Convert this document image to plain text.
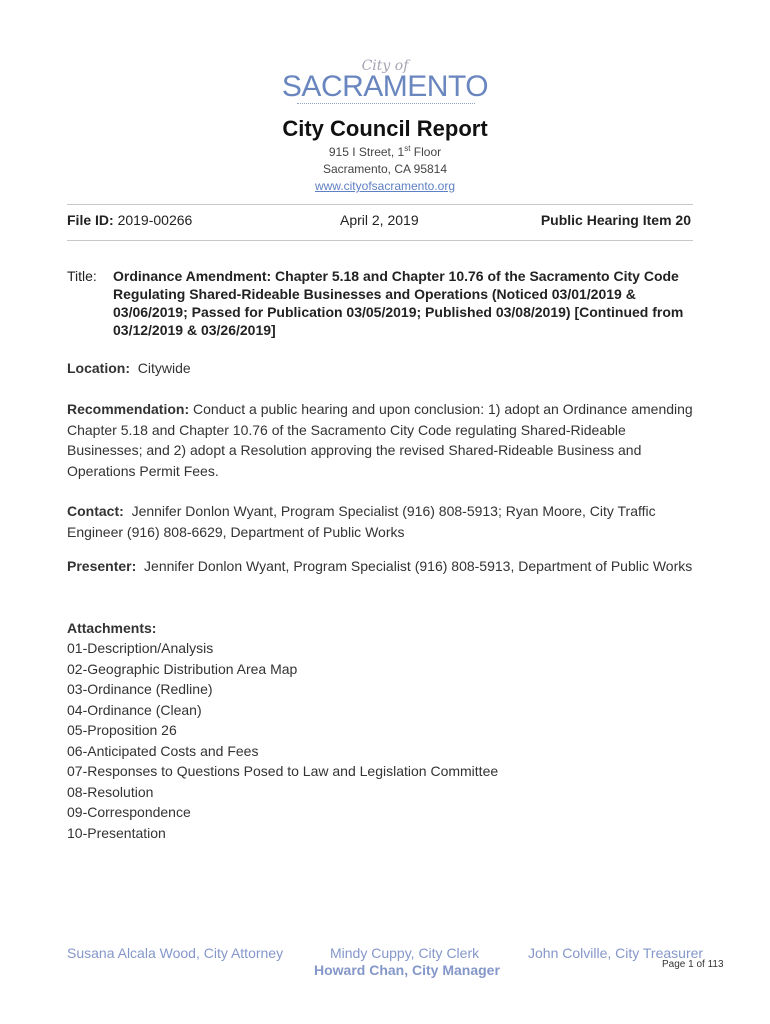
City of
SACRAMENTO
City Council Report
915 I Street, 1st Floor
Sacramento, CA 95814
www.cityofsacramento.org
File ID: 2019-00266	April 2, 2019	Public Hearing Item 20
Title: Ordinance Amendment: Chapter 5.18 and Chapter 10.76 of the Sacramento City Code Regulating Shared-Rideable Businesses and Operations (Noticed 03/01/2019 & 03/06/2019; Passed for Publication 03/05/2019; Published 03/08/2019) [Continued from 03/12/2019 & 03/26/2019]
Location: Citywide
Recommendation: Conduct a public hearing and upon conclusion: 1) adopt an Ordinance amending Chapter 5.18 and Chapter 10.76 of the Sacramento City Code regulating Shared-Rideable Businesses; and 2) adopt a Resolution approving the revised Shared-Rideable Business and Operations Permit Fees.
Contact: Jennifer Donlon Wyant, Program Specialist (916) 808-5913; Ryan Moore, City Traffic Engineer (916) 808-6629, Department of Public Works
Presenter: Jennifer Donlon Wyant, Program Specialist (916) 808-5913, Department of Public Works
Attachments:
01-Description/Analysis
02-Geographic Distribution Area Map
03-Ordinance (Redline)
04-Ordinance (Clean)
05-Proposition 26
06-Anticipated Costs and Fees
07-Responses to Questions Posed to Law and Legislation Committee
08-Resolution
09-Correspondence
10-Presentation
Susana Alcala Wood, City Attorney	Mindy Cuppy, City Clerk	John Colville, City Treasurer
Howard Chan, City Manager	Page 1 of 113
